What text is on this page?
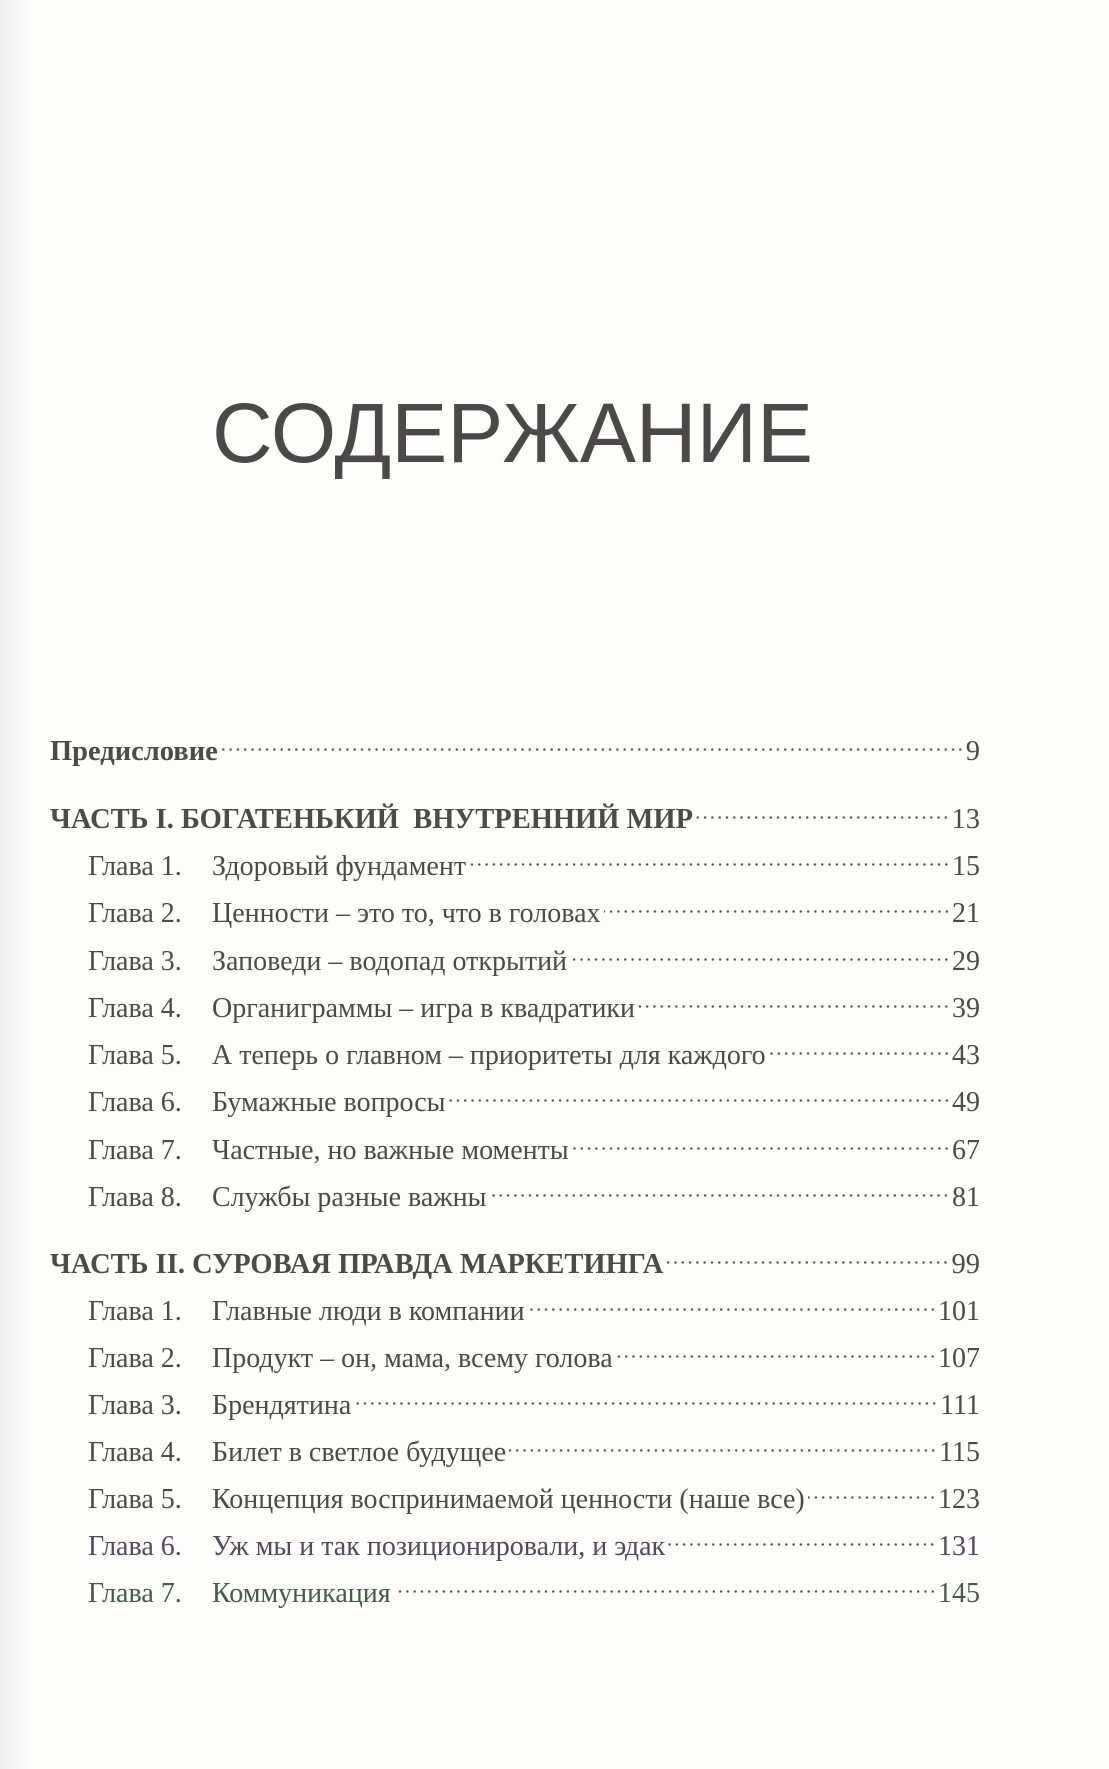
СОДЕРЖАНИЕ
Предисловие	9
ЧАСТЬ I. БОГАТЕНЬКИЙ  ВНУТРЕННИЙ МИР	13
Глава 1.	Здоровый фундамент	15
Глава 2.	Ценности – это то, что в головах	21
Глава 3.	Заповеди – водопад открытий	29
Глава 4.	Органиграммы – игра в квадратики	39
Глава 5.	А теперь о главном – приоритеты для каждого	43
Глава 6.	Бумажные вопросы	49
Глава 7.	Частные, но важные моменты	67
Глава 8.	Службы разные важны	81
ЧАСТЬ II. СУРОВАЯ ПРАВДА МАРКЕТИНГА	99
Глава 1.	Главные люди в компании	101
Глава 2.	Продукт – он, мама, всему голова	107
Глава 3.	Брендятина	111
Глава 4.	Билет в светлое будущее	115
Глава 5.	Концепция воспринимаемой ценности (наше все)	123
Глава 6.	Уж мы и так позиционировали, и эдак	131
Глава 7.	Коммуникация	145
